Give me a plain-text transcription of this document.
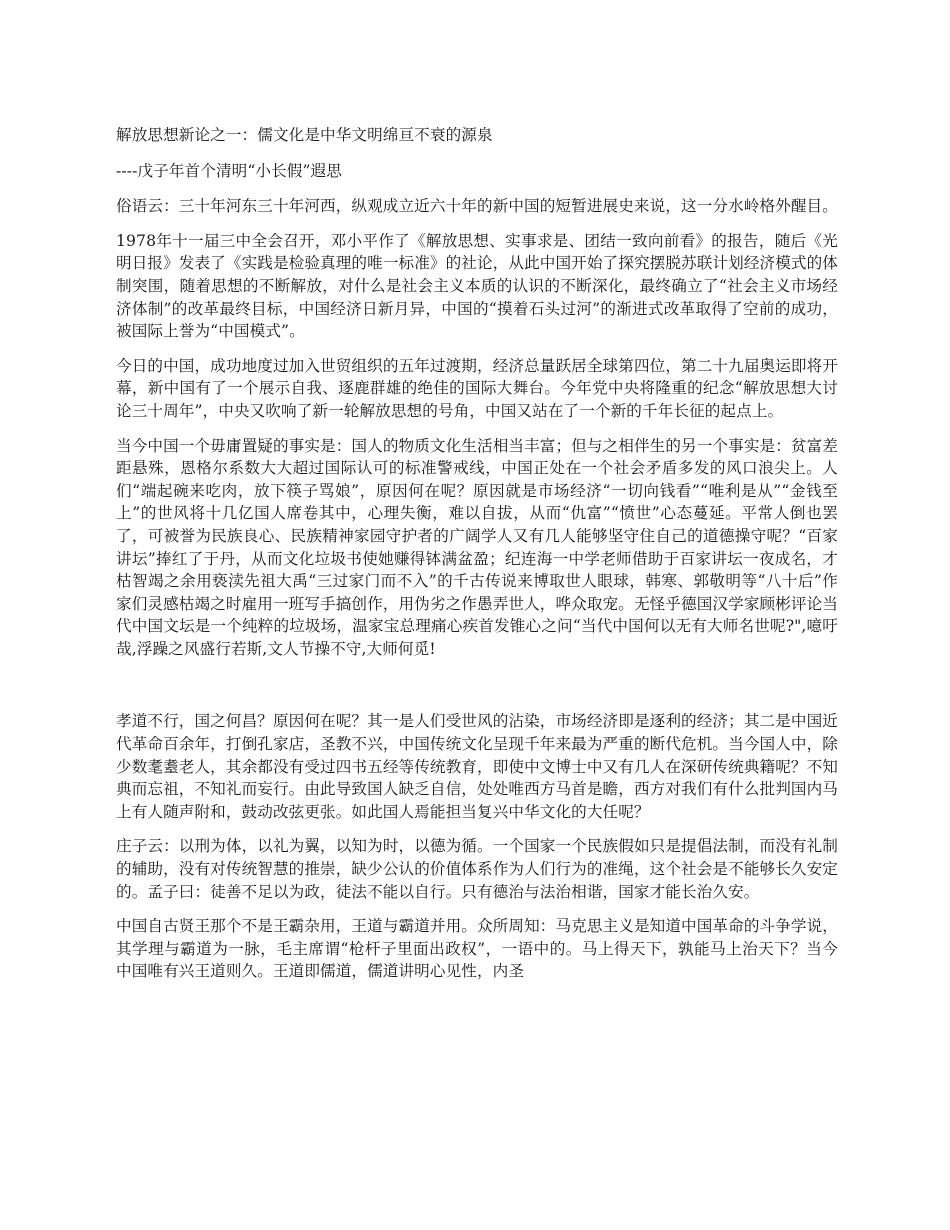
解放思想新论之一：儒文化是中华文明绵亘不衰的源泉

----戊子年首个清明“小长假”遐思

俗语云：三十年河东三十年河西，纵观成立近六十年的新中国的短暂进展史来说，这一分水岭格外醒目。

1978年十一届三中全会召开，邓小平作了《解放思想、实事求是、团结一致向前看》的报告，随后《光明日报》发表了《实践是检验真理的唯一标准》的社论，从此中国开始了探究摆脱苏联计划经济模式的体制突围，随着思想的不断解放，对什么是社会主义本质的认识的不断深化，最终确立了“社会主义市场经济体制”的改革最终目标，中国经济日新月异，中国的“摸着石头过河”的渐进式改革取得了空前的成功，被国际上誉为“中国模式”。

今日的中国，成功地度过加入世贸组织的五年过渡期，经济总量跃居全球第四位，第二十九届奥运即将开幕，新中国有了一个展示自我、逐鹿群雄的绝佳的国际大舞台。今年党中央将隆重的纪念“解放思想大讨论三十周年”，中央又吹响了新一轮解放思想的号角，中国又站在了一个新的千年长征的起点上。

当今中国一个毋庸置疑的事实是：国人的物质文化生活相当丰富；但与之相伴生的另一个事实是：贫富差距悬殊，恩格尔系数大大超过国际认可的标准警戒线，中国正处在一个社会矛盾多发的风口浪尖上。人们“端起碗来吃肉，放下筷子骂娘”，原因何在呢？原因就是市场经济“一切向钱看”“唯利是从”“金钱至上”的世风将十几亿国人席卷其中，心理失衡，难以自拔，从而“仇富”“愤世”心态蔓延。平常人倒也罢了，可被誉为民族良心、民族精神家园守护者的广阔学人又有几人能够坚守住自己的道德操守呢？“百家讲坛”捧红了于丹，从而文化垃圾书使她赚得钵满盆盈；纪连海一中学老师借助于百家讲坛一夜成名，才枯智竭之余用亵渎先祖大禹“三过家门而不入”的千古传说来博取世人眼球，韩寒、郭敬明等“八十后”作家们灵感枯竭之时雇用一班写手搞创作，用伪劣之作愚弄世人，哗众取宠。无怪乎德国汉学家顾彬评论当代中国文坛是一个纯粹的垃圾场，温家宝总理痛心疾首发锥心之问“当代中国何以无有大师名世呢?",噫吁哉,浮躁之风盛行若斯,文人节操不守,大师何觅!

孝道不行，国之何昌？原因何在呢？其一是人们受世风的沾染，市场经济即是逐利的经济；其二是中国近代革命百余年，打倒孔家店，圣教不兴，中国传统文化呈现千年来最为严重的断代危机。当今国人中，除少数耄耋老人，其余都没有受过四书五经等传统教育，即使中文博士中又有几人在深研传统典籍呢？不知典而忘祖，不知礼而妄行。由此导致国人缺乏自信，处处唯西方马首是瞻，西方对我们有什么批判国内马上有人随声附和，鼓动改弦更张。如此国人焉能担当复兴中华文化的大任呢？

庄子云：以刑为体，以礼为翼，以知为时，以德为循。一个国家一个民族假如只是提倡法制，而没有礼制的辅助，没有对传统智慧的推崇，缺少公认的价值体系作为人们行为的准绳，这个社会是不能够长久安定的。孟子曰：徒善不足以为政，徒法不能以自行。只有德治与法治相谐，国家才能长治久安。

中国自古贤王那个不是王霸杂用，王道与霸道并用。众所周知：马克思主义是知道中国革命的斗争学说，其学理与霸道为一脉，毛主席谓“枪杆子里面出政权”，一语中的。马上得天下，孰能马上治天下？当今中国唯有兴王道则久。王道即儒道，儒道讲明心见性，内圣
